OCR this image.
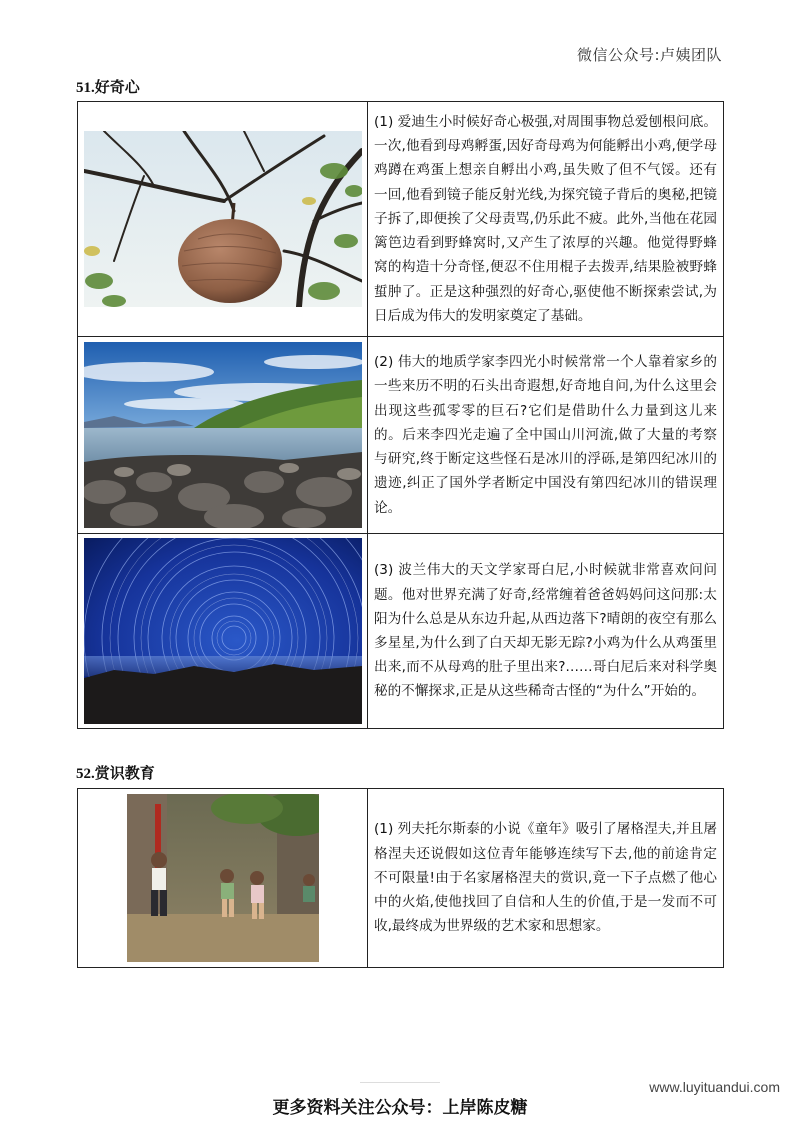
微信公众号:卢姨团队
51.好奇心
	(1) 爱迪生小时候好奇心极强,对周围事物总爱刨根问底。一次,他看到母鸡孵蛋,因好奇母鸡为何能孵出小鸡,便学母鸡蹲在鸡蛋上想亲自孵出小鸡,虽失败了但不气馁。还有一回,他看到镜子能反射光线,为探究镜子背后的奥秘,把镜子拆了,即便挨了父母责骂,仍乐此不疲。此外,当他在花园篱笆边看到野蜂窝时,又产生了浓厚的兴趣。他觉得野蜂窝的构造十分奇怪,便忍不住用棍子去拨弄,结果脸被野蜂蜇肿了。正是这种强烈的好奇心,驱使他不断探索尝试,为日后成为伟大的发明家奠定了基础。

	(2) 伟大的地质学家李四光小时候常常一个人靠着家乡的一些来历不明的石头出奇遐想,好奇地自问,为什么这里会出现这些孤零零的巨石?它们是借助什么力量到这儿来的。后来李四光走遍了全中国山川河流,做了大量的考察与研究,终于断定这些怪石是冰川的浮砾,是第四纪冰川的遗迹,纠正了国外学者断定中国没有第四纪冰川的错误理论。

	(3) 波兰伟大的天文学家哥白尼,小时候就非常喜欢问问题。他对世界充满了好奇,经常缠着爸爸妈妈问这问那:太阳为什么总是从东边升起,从西边落下?晴朗的夜空有那么多星星,为什么到了白天却无影无踪?小鸡为什么从鸡蛋里出来,而不从母鸡的肚子里出来?……哥白尼后来对科学奥秘的不懈探求,正是从这些稀奇古怪的“为什么”开始的。
52.赏识教育
	(1) 列夫托尔斯泰的小说《童年》吸引了屠格涅夫,并且屠格涅夫还说假如这位青年能够连续写下去,他的前途肯定不可限量!由于名家屠格涅夫的赏识,竟一下子点燃了他心中的火焰,使他找回了自信和人生的价值,于是一发而不可收,最终成为世界级的艺术家和思想家。
www.luyituandui.com
更多资料关注公众号：上岸陈皮糖
